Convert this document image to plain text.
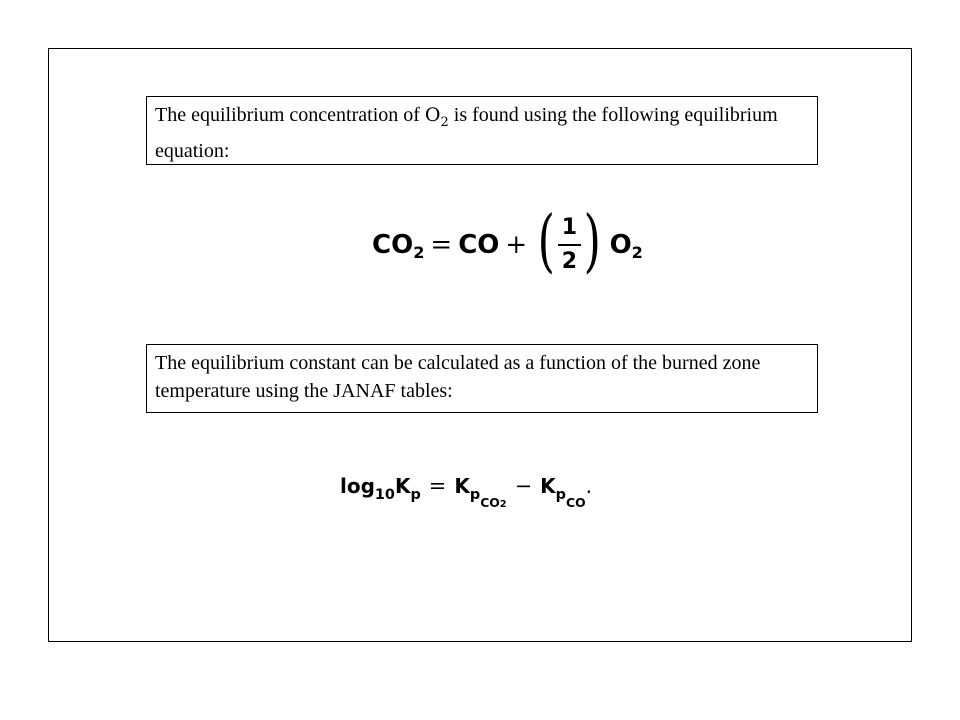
The equilibrium concentration of $O_2$ is found using the following equilibrium equation:
$CO_2$ = CO + ( $\frac{1}{2}$ ) $O_2$
The equilibrium constant can be calculated as a function of the burned zone temperature using the JANAF tables:
$\log_{10} K_p = K_{pCO2}$
− $K_{pCO}$
.
